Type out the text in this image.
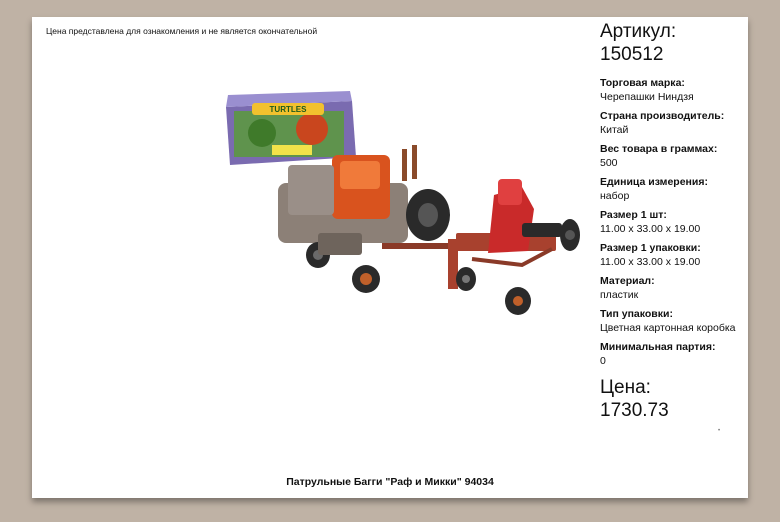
Цена представлена для ознакомления и не является окончательной
TURTLES
Артикул:
150512
Торговая марка:
Черепашки Ниндзя
Страна производитель:
Китай
Вес товара в граммах:
500
Единица измерения:
набор
Размер 1 шт:
11.00 x 33.00 x 19.00
Размер 1 упаковки:
11.00 x 33.00 x 19.00
Материал:
пластик
Тип упаковки:
Цветная картонная коробка
Минимальная партия:
0
Цена:
1730.73
•
Патрульные Багги "Раф и Микки" 94034
